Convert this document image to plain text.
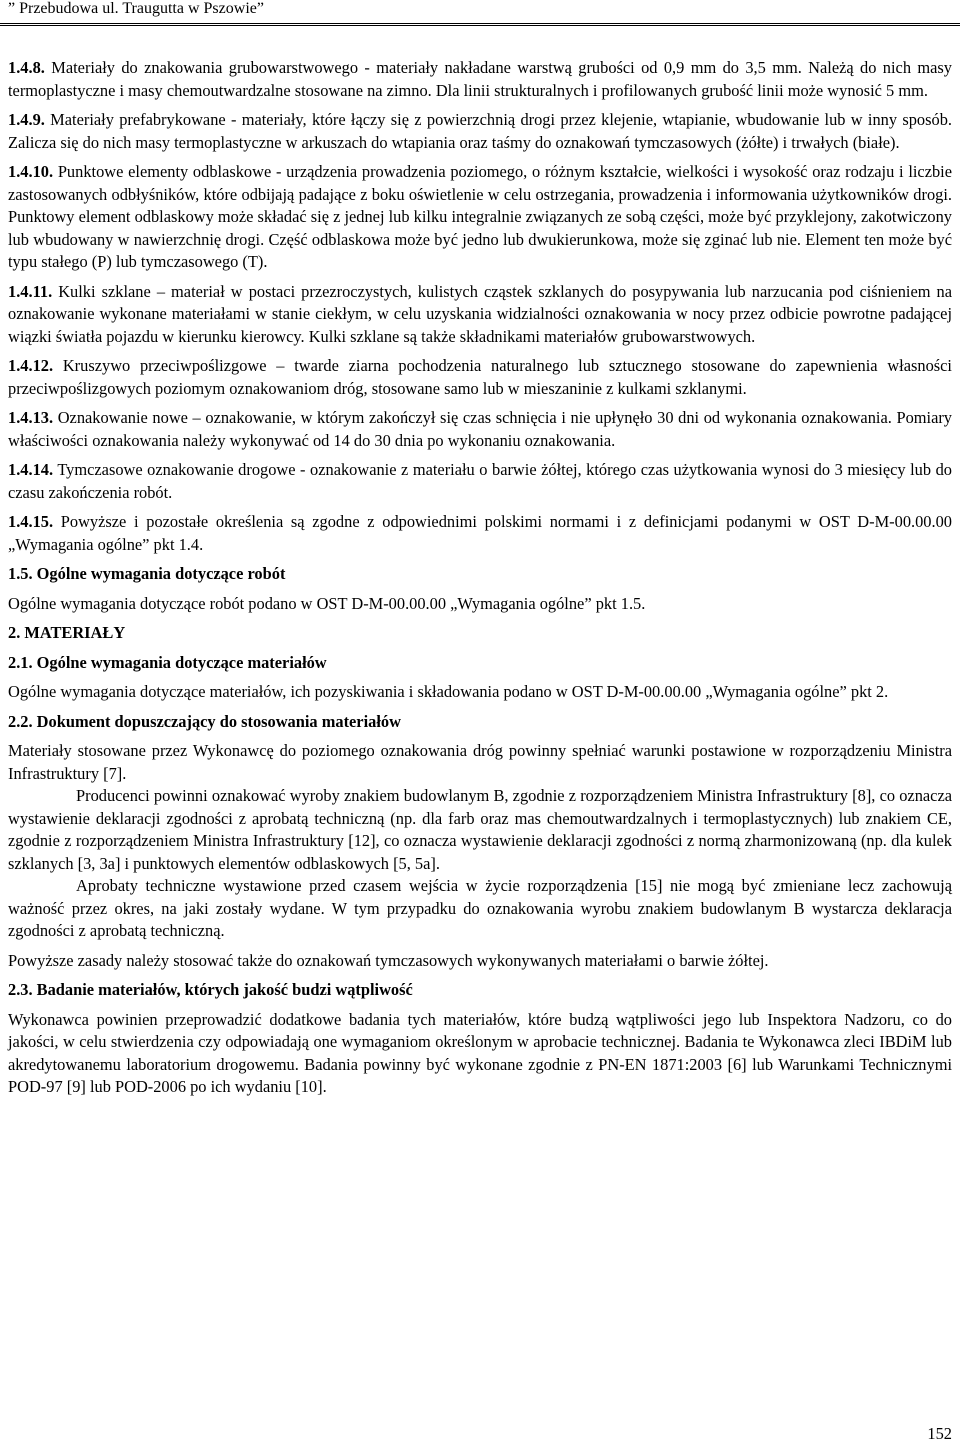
” Przebudowa ul. Traugutta w Pszowie”

1.4.8. Materiały do znakowania grubowarstwowego - materiały nakładane warstwą grubości od 0,9 mm do 3,5 mm. Należą do nich masy termoplastyczne i masy chemoutwardzalne stosowane na zimno. Dla linii strukturalnych i profilowanych grubość linii może wynosić 5 mm.

1.4.9. Materiały prefabrykowane - materiały, które łączy się z powierzchnią drogi przez klejenie, wtapianie, wbudowanie lub w inny sposób. Zalicza się do nich masy termoplastyczne w arkuszach do wtapiania oraz taśmy do oznakowań tymczasowych (żółte) i trwałych (białe).

1.4.10. Punktowe elementy odblaskowe - urządzenia prowadzenia poziomego, o różnym kształcie, wielkości i wysokość oraz rodzaju i liczbie zastosowanych odbłyśników, które odbijają padające z boku oświetlenie w celu ostrzegania, prowadzenia i informowania użytkowników drogi. Punktowy element odblaskowy może składać się z jednej lub kilku integralnie związanych ze sobą części, może być przyklejony, zakotwiczony lub wbudowany w nawierzchnię drogi. Część odblaskowa może być jedno lub dwukierunkowa, może się zginać lub nie. Element ten może być typu stałego (P) lub tymczasowego (T).

1.4.11. Kulki szklane – materiał w postaci przezroczystych, kulistych cząstek szklanych do posypywania lub narzucania pod ciśnieniem na oznakowanie wykonane materiałami w stanie ciekłym, w celu uzyskania widzialności oznakowania w nocy przez odbicie powrotne padającej wiązki światła pojazdu w kierunku kierowcy. Kulki szklane są także składnikami materiałów grubowarstwowych.

1.4.12. Kruszywo przeciwpoślizgowe – twarde ziarna pochodzenia naturalnego lub sztucznego stosowane do zapewnienia własności przeciwpoślizgowych poziomym oznakowaniom dróg, stosowane samo lub w mieszaninie z kulkami szklanymi.

1.4.13. Oznakowanie nowe – oznakowanie, w którym zakończył się czas schnięcia i nie upłynęło 30 dni od wykonania oznakowania. Pomiary właściwości oznakowania należy wykonywać od 14 do 30 dnia po wykonaniu oznakowania.

1.4.14. Tymczasowe oznakowanie drogowe - oznakowanie z materiału o barwie żółtej, którego czas użytkowania wynosi do 3 miesięcy lub do czasu zakończenia robót.

1.4.15. Powyższe i pozostałe określenia są zgodne z odpowiednimi polskimi normami i z definicjami podanymi w OST D-M-00.00.00 „Wymagania ogólne” pkt 1.4.

1.5. Ogólne wymagania dotyczące robót

Ogólne wymagania dotyczące robót podano w OST D-M-00.00.00 „Wymagania ogólne” pkt 1.5.

2. MATERIAŁY

2.1. Ogólne wymagania dotyczące materiałów

Ogólne wymagania dotyczące materiałów, ich pozyskiwania i składowania podano w OST D-M-00.00.00 „Wymagania ogólne” pkt 2.

2.2. Dokument dopuszczający do stosowania materiałów

Materiały stosowane przez Wykonawcę do poziomego oznakowania dróg powinny spełniać warunki postawione w rozporządzeniu Ministra Infrastruktury [7].

Producenci powinni oznakować wyroby znakiem budowlanym B, zgodnie z rozporządzeniem Ministra Infrastruktury [8], co oznacza wystawienie deklaracji zgodności z aprobatą techniczną (np. dla farb oraz mas chemoutwardzalnych i termoplastycznych) lub znakiem CE, zgodnie z rozporządzeniem Ministra Infrastruktury [12], co oznacza wystawienie deklaracji zgodności z normą zharmonizowaną (np. dla kulek szklanych [3, 3a] i punktowych elementów odblaskowych [5, 5a].

Aprobaty techniczne wystawione przed czasem wejścia w życie rozporządzenia [15] nie mogą być zmieniane lecz zachowują ważność przez okres, na jaki zostały wydane. W tym przypadku do oznakowania wyrobu znakiem budowlanym B wystarcza deklaracja zgodności z aprobatą techniczną.

Powyższe zasady należy stosować także do oznakowań tymczasowych wykonywanych materiałami o barwie żółtej.

2.3. Badanie materiałów, których jakość budzi wątpliwość

Wykonawca powinien przeprowadzić dodatkowe badania tych materiałów, które budzą wątpliwości jego lub Inspektora Nadzoru, co do jakości, w celu stwierdzenia czy odpowiadają one wymaganiom określonym w aprobacie technicznej. Badania te Wykonawca zleci IBDiM lub akredytowanemu laboratorium drogowemu. Badania powinny być wykonane zgodnie z PN-EN 1871:2003 [6] lub Warunkami Technicznymi POD-97 [9] lub POD-2006 po ich wydaniu [10].

152
